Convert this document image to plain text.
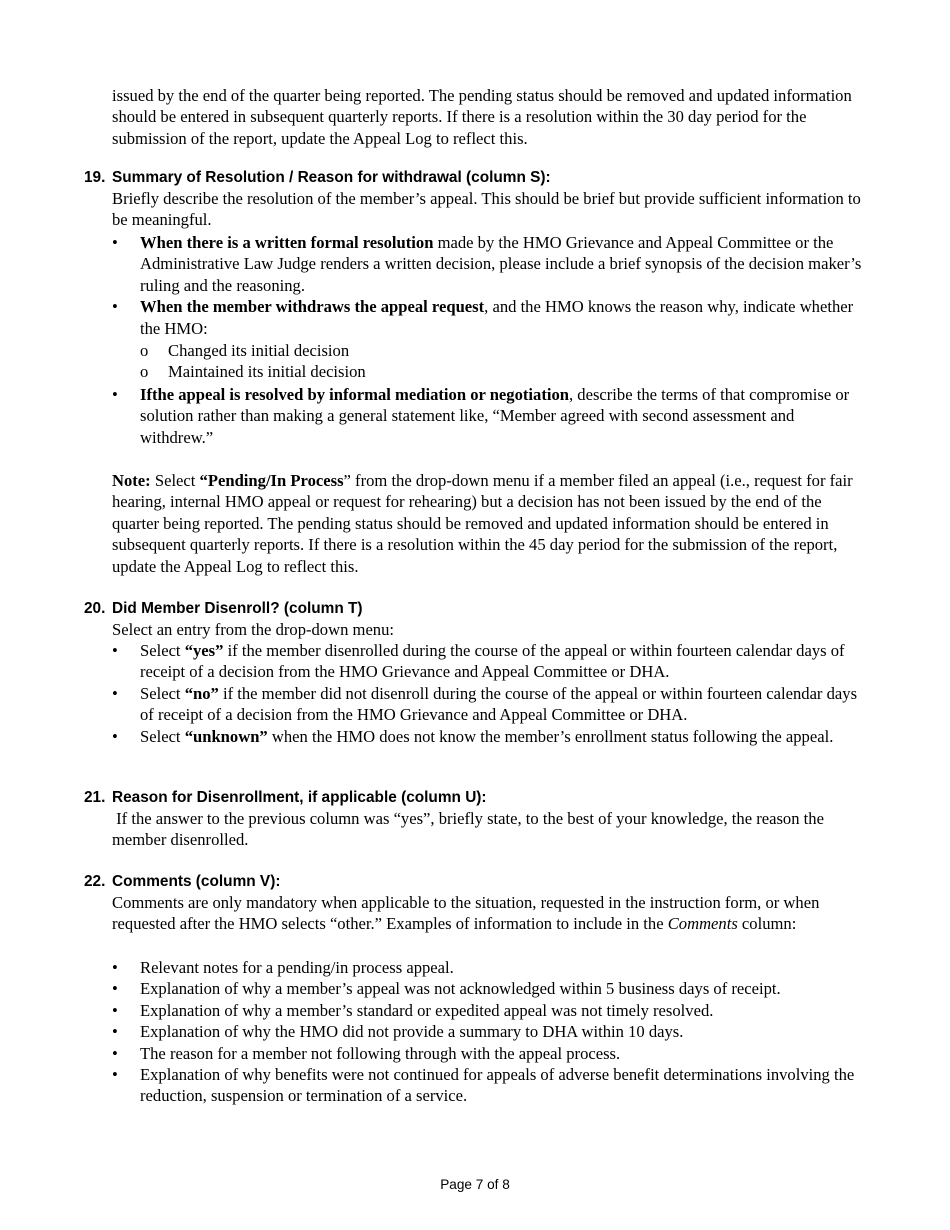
issued by the end of the quarter being reported. The pending status should be removed and updated information should be entered in subsequent quarterly reports. If there is a resolution within the 30 day period for the submission of the report, update the Appeal Log to reflect this.

19. Summary of Resolution / Reason for withdrawal (column S):

Briefly describe the resolution of the member’s appeal. This should be brief but provide sufficient information to be meaningful.

•	When there is a written formal resolution made by the HMO Grievance and Appeal Committee or the Administrative Law Judge renders a written decision, please include a brief synopsis of the decision maker’s ruling and the reasoning.
•	When the member withdraws the appeal request, and the HMO knows the reason why, indicate whether the HMO:
o Changed its initial decision
o Maintained its initial decision
•	Ifthe appeal is resolved by informal mediation or negotiation, describe the terms of that compromise or solution rather than making a general statement like, “Member agreed with second assessment and withdrew.”

Note: Select “Pending/In Process” from the drop-down menu if a member filed an appeal (i.e., request for fair hearing, internal HMO appeal or request for rehearing) but a decision has not been issued by the end of the quarter being reported. The pending status should be removed and updated information should be entered in subsequent quarterly reports. If there is a resolution within the 45 day period for the submission of the report, update the Appeal Log to reflect this.

20. Did Member Disenroll? (column T)

Select an entry from the drop-down menu:

•	Select “yes” if the member disenrolled during the course of the appeal or within fourteen calendar days of receipt of a decision from the HMO Grievance and Appeal Committee or DHA.
•	Select “no” if the member did not disenroll during the course of the appeal or within fourteen calendar days of receipt of a decision from the HMO Grievance and Appeal Committee or DHA.
•	Select “unknown” when the HMO does not know the member’s enrollment status following the appeal.
21. Reason for Disenrollment, if applicable (column U):

If the answer to the previous column was “yes”, briefly state, to the best of your knowledge, the reason the member disenrolled.

22. Comments (column V):

Comments are only mandatory when applicable to the situation, requested in the instruction form, or when requested after the HMO selects “other.” Examples of information to include in the Comments column:

•	Relevant notes for a pending/in process appeal.
•	Explanation of why a member’s appeal was not acknowledged within 5 business days of receipt.
•	Explanation of why a member’s standard or expedited appeal was not timely resolved.
•	Explanation of why the HMO did not provide a summary to DHA within 10 days.
•	The reason for a member not following through with the appeal process.
•	Explanation of why benefits were not continued for appeals of adverse benefit determinations involving the reduction, suspension or termination of a service.
Page 7 of 8
